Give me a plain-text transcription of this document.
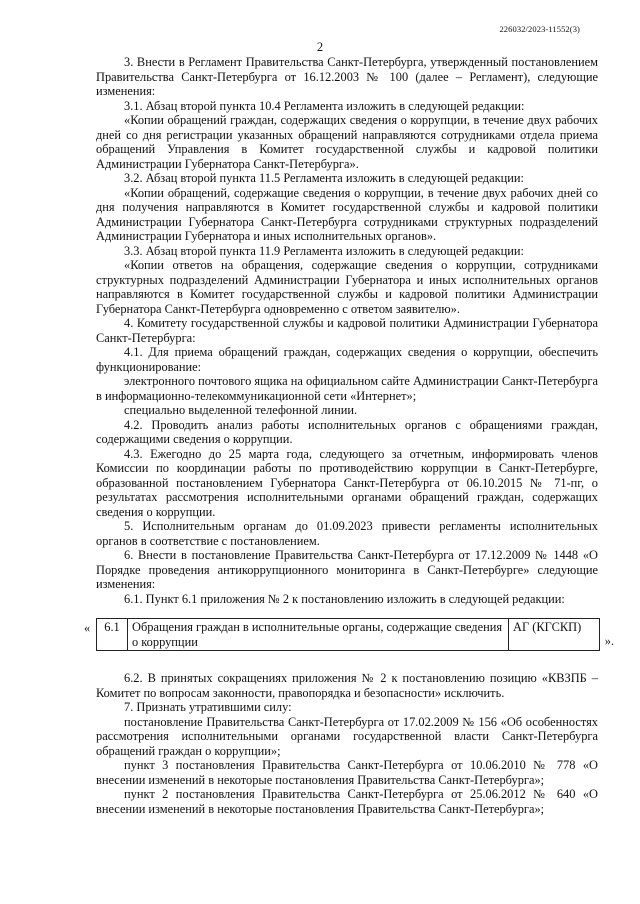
226032/2023-11552(3)
2

3. Внести в Регламент Правительства Санкт-Петербурга, утвержденный постановлением Правительства Санкт-Петербурга от 16.12.2003 № 100 (далее – Регламент), следующие изменения:

3.1. Абзац второй пункта 10.4 Регламента изложить в следующей редакции:

«Копии обращений граждан, содержащих сведения о коррупции, в течение двух рабочих дней со дня регистрации указанных обращений направляются сотрудниками отдела приема обращений Управления в Комитет государственной службы и кадровой политики Администрации Губернатора Санкт-Петербурга».

3.2. Абзац второй пункта 11.5 Регламента изложить в следующей редакции:

«Копии обращений, содержащие сведения о коррупции, в течение двух рабочих дней со дня получения направляются в Комитет государственной службы и кадровой политики Администрации Губернатора Санкт-Петербурга сотрудниками структурных подразделений Администрации Губернатора и иных исполнительных органов».

3.3. Абзац второй пункта 11.9 Регламента изложить в следующей редакции:

«Копии ответов на обращения, содержащие сведения о коррупции, сотрудниками структурных подразделений Администрации Губернатора и иных исполнительных органов направляются в Комитет государственной службы и кадровой политики Администрации Губернатора Санкт-Петербурга одновременно с ответом заявителю».

4. Комитету государственной службы и кадровой политики Администрации Губернатора Санкт-Петербурга:

4.1. Для приема обращений граждан, содержащих сведения о коррупции, обеспечить функционирование:

электронного почтового ящика на официальном сайте Администрации Санкт-Петербурга в информационно-телекоммуникационной сети «Интернет»;

специально выделенной телефонной линии.

4.2. Проводить анализ работы исполнительных органов с обращениями граждан, содержащими сведения о коррупции.

4.3. Ежегодно до 25 марта года, следующего за отчетным, информировать членов Комиссии по координации работы по противодействию коррупции в Санкт-Петербурге, образованной постановлением Губернатора Санкт-Петербурга от 06.10.2015 № 71-пг, о результатах рассмотрения исполнительными органами обращений граждан, содержащих сведения о коррупции.

5. Исполнительным органам до 01.09.2023 привести регламенты исполнительных органов в соответствие с постановлением.

6. Внести в постановление Правительства Санкт-Петербурга от 17.12.2009 № 1448 «О Порядке проведения антикоррупционного мониторинга в Санкт-Петербурге» следующие изменения:

6.1. Пункт 6.1 приложения № 2 к постановлению изложить в следующей редакции:

« 6.1	Обращения граждан в исполнительные органы, содержащие сведения о коррупции	АГ (КГСКП)
».

6.2. В принятых сокращениях приложения № 2 к постановлению позицию «КВЗПБ – Комитет по вопросам законности, правопорядка и безопасности» исключить.

7. Признать утратившими силу:

постановление Правительства Санкт-Петербурга от 17.02.2009 № 156 «Об особенностях рассмотрения исполнительными органами государственной власти Санкт-Петербурга обращений граждан о коррупции»;

пункт 3 постановления Правительства Санкт-Петербурга от 10.06.2010 № 778 «О внесении изменений в некоторые постановления Правительства Санкт-Петербурга»;

пункт 2 постановления Правительства Санкт-Петербурга от 25.06.2012 № 640 «О внесении изменений в некоторые постановления Правительства Санкт-Петербурга»;
